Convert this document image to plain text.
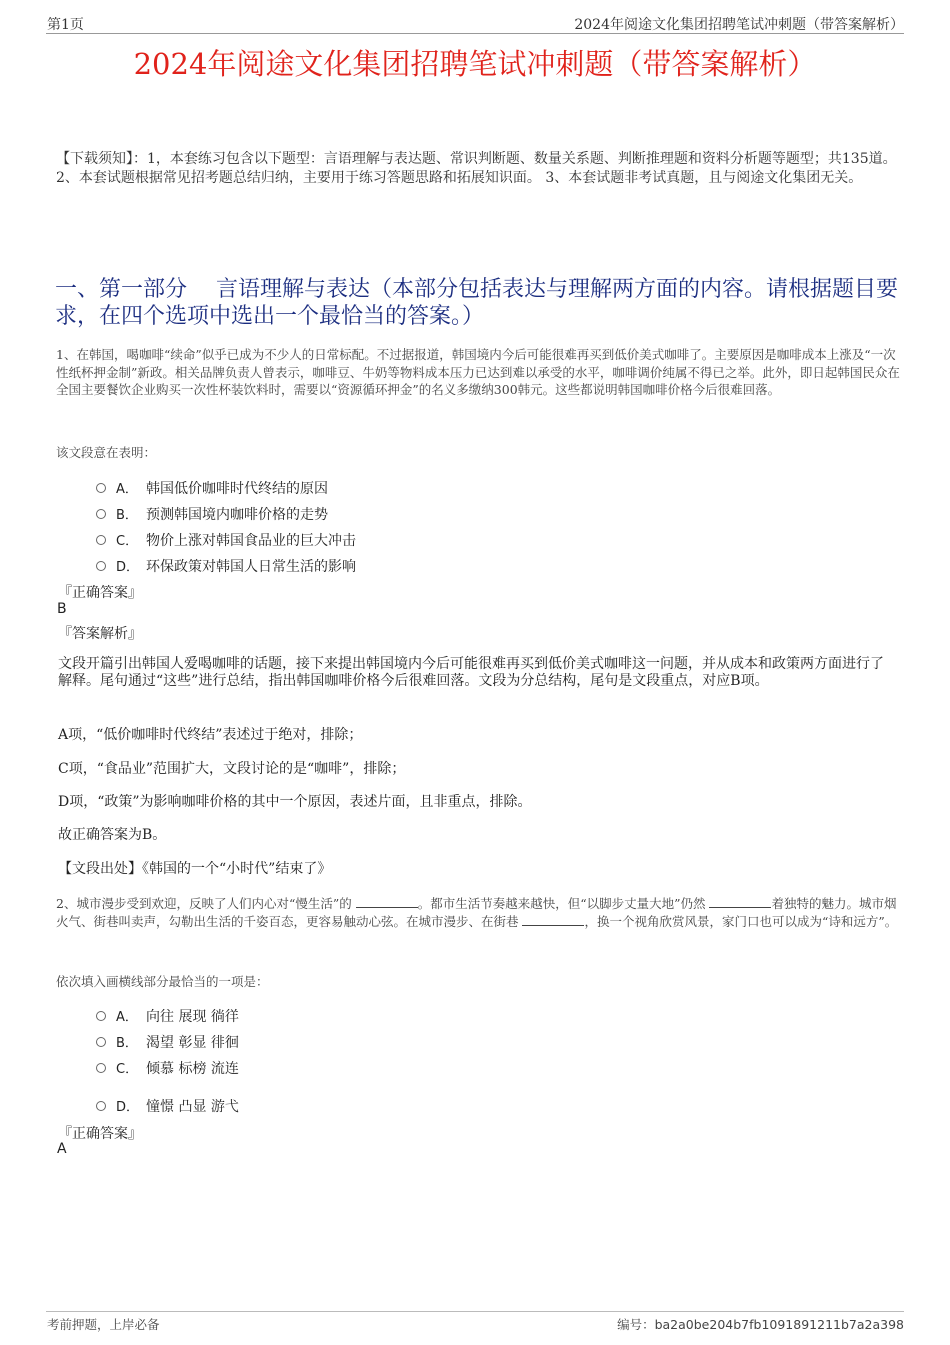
第1页	2024年阅途文化集团招聘笔试冲刺题（带答案解析）
2024年阅途文化集团招聘笔试冲刺题（带答案解析）
【下载须知】：1，本套练习包含以下题型：言语理解与表达题、常识判断题、数量关系题、判断推理题和资料分析题等题型；共135道。 2、本套试题根据常见招考题总结归纳，主要用于练习答题思路和拓展知识面。 3、本套试题非考试真题，且与阅途文化集团无关。
一、第一部分　 言语理解与表达（本部分包括表达与理解两方面的内容。请根据题目要求，在四个选项中选出一个最恰当的答案。）
1、在韩国，喝咖啡“续命”似乎已成为不少人的日常标配。不过据报道，韩国境内今后可能很难再买到低价美式咖啡了。主要原因是咖啡成本上涨及“一次性纸杯押金制”新政。相关品牌负责人曾表示，咖啡豆、牛奶等物料成本压力已达到难以承受的水平，咖啡调价纯属不得已之举。此外，即日起韩国民众在全国主要餐饮企业购买一次性杯装饮料时，需要以“资源循环押金”的名义多缴纳300韩元。这些都说明韩国咖啡价格今后很难回落。
该文段意在表明：
A． 韩国低价咖啡时代终结的原因
B． 预测韩国境内咖啡价格的走势
C． 物价上涨对韩国食品业的巨大冲击
D． 环保政策对韩国人日常生活的影响
『正确答案』
B
『答案解析』
文段开篇引出韩国人爱喝咖啡的话题，接下来提出韩国境内今后可能很难再买到低价美式咖啡这一问题，并从成本和政策两方面进行了解释。尾句通过“这些”进行总结，指出韩国咖啡价格今后很难回落。文段为分总结构，尾句是文段重点，对应B项。
A项，“低价咖啡时代终结”表述过于绝对，排除；
C项，“食品业”范围扩大，文段讨论的是“咖啡”，排除；
D项，“政策”为影响咖啡价格的其中一个原因，表述片面，且非重点，排除。
故正确答案为B。
【文段出处】《韩国的一个“小时代”结束了》
2、城市漫步受到欢迎，反映了人们内心对“慢生活”的	。都市生活节奏越来越快，但“以脚步丈量大地”仍然	着独特的魅力。城市烟火气、街巷叫卖声，勾勒出生活的千姿百态，更容易触动心弦。在城市漫步、在街巷	，换一个视角欣赏风景，家门口也可以成为“诗和远方”。
依次填入画横线部分最恰当的一项是：
A． 向往 展现 徜徉
B． 渴望 彰显 徘徊
C． 倾慕 标榜 流连
D． 憧憬 凸显 游弋
『正确答案』
A
考前押题，上岸必备	编号：ba2a0be204b7fb1091891211b7a2a398
